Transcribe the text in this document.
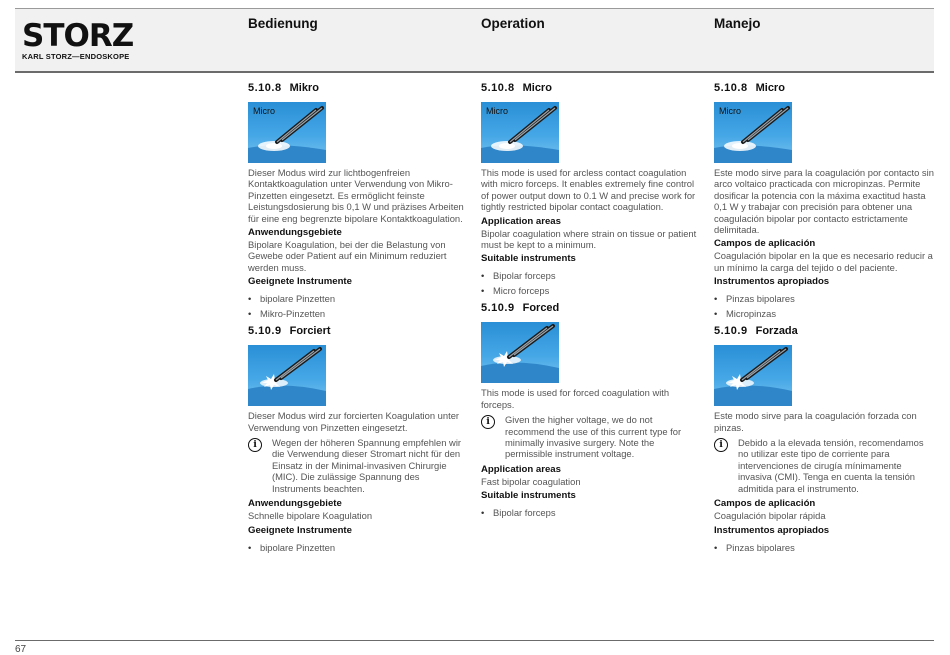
STORZ
KARL STORZ—ENDOSKOPE
Bedienung	Operation	Manejo
5.10.8 Mikro
Micro

Dieser Modus wird zur lichtbogenfreien Kontaktkoagulation unter Verwendung von Mikro-Pinzetten eingesetzt. Es ermöglicht feinste Leistungsdosierung bis 0,1 W und präzises Arbeiten für eine eng begrenzte bipolare Kontaktkoagulation.

Anwendungsgebiete

Bipolare Koagulation, bei der die Belastung von Gewebe oder Patient auf ein Minimum reduziert werden muss.

Geeignete Instrumente
• bipolare Pinzetten
• Mikro-Pinzetten
5.10.9 Forciert

Dieser Modus wird zur forcierten Koagulation unter Verwendung von Pinzetten eingesetzt.

i	Wegen der höheren Spannung empfehlen wir die Verwendung dieser Stromart nicht für den Einsatz in der Minimal-invasiven Chirurgie (MIC). Die zulässige Spannung des Instruments beachten.
Anwendungsgebiete

Schnelle bipolare Koagulation

Geeignete Instrumente
• bipolare Pinzetten
5.10.8 Micro
Micro

This mode is used for arcless contact coagulation with micro forceps. It enables extremely fine control of power output down to 0.1 W and precise work for tightly restricted bipolar contact coagulation.

Application areas

Bipolar coagulation where strain on tissue or patient must be kept to a minimum.

Suitable instruments
• Bipolar forceps
• Micro forceps
5.10.9 Forced

This mode is used for forced coagulation with forceps.

i	Given the higher voltage, we do not recommend the use of this current type for minimally invasive surgery. Note the permissible instrument voltage.
Application areas

Fast bipolar coagulation

Suitable instruments
• Bipolar forceps
5.10.8 Micro
Micro

Este modo sirve para la coagulación por contacto sin arco voltaico practicada con micropinzas. Permite dosificar la potencia con la máxima exactitud hasta 0,1 W y trabajar con precisión para obtener una coagulación bipolar por contacto estrictamente delimitada.

Campos de aplicación

Coagulación bipolar en la que es necesario reducir a un mínimo la carga del tejido o del paciente.

Instrumentos apropiados
• Pinzas bipolares
• Micropinzas
5.10.9 Forzada

Este modo sirve para la coagulación forzada con pinzas.

i	Debido a la elevada tensión, recomendamos no utilizar este tipo de corriente para intervenciones de cirugía mínimamente invasiva (CMI). Tenga en cuenta la tensión admitida para el instrumento.
Campos de aplicación

Coagulación bipolar rápida

Instrumentos apropiados
• Pinzas bipolares
67
